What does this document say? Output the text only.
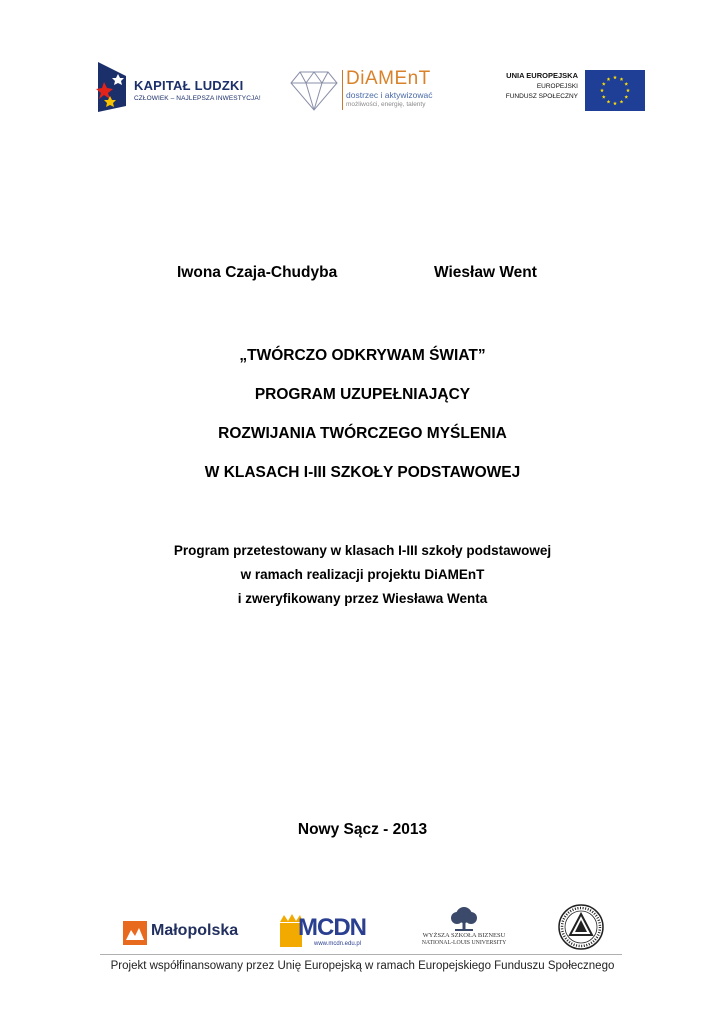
KAPITAŁ LUDZKI
CZŁOWIEK – NAJLEPSZA INWESTYCJA!
DiAMEnT
dostrzec i aktywizować
możliwości, energię, talenty
UNIA EUROPEJSKA
EUROPEJSKI
FUNDUSZ SPOŁECZNY
Iwona Czaja-Chudyba	Wiesław Went
„TWÓRCZO ODKRYWAM ŚWIAT”
PROGRAM UZUPEŁNIAJĄCY
ROZWIJANIA TWÓRCZEGO MYŚLENIA
W KLASACH I-III SZKOŁY PODSTAWOWEJ
Program przetestowany w klasach I-III szkoły podstawowej
w ramach realizacji projektu DiAMEnT
i zweryfikowany przez Wiesława Wenta
Nowy Sącz - 2013
Małopolska MCDN
www.mcdn.edu.pl
WYŻSZA SZKOŁA BIZNESU
NATIONAL-LOUIS UNIVERSITY
Projekt współfinansowany przez Unię Europejską w ramach Europejskiego Funduszu Społecznego
